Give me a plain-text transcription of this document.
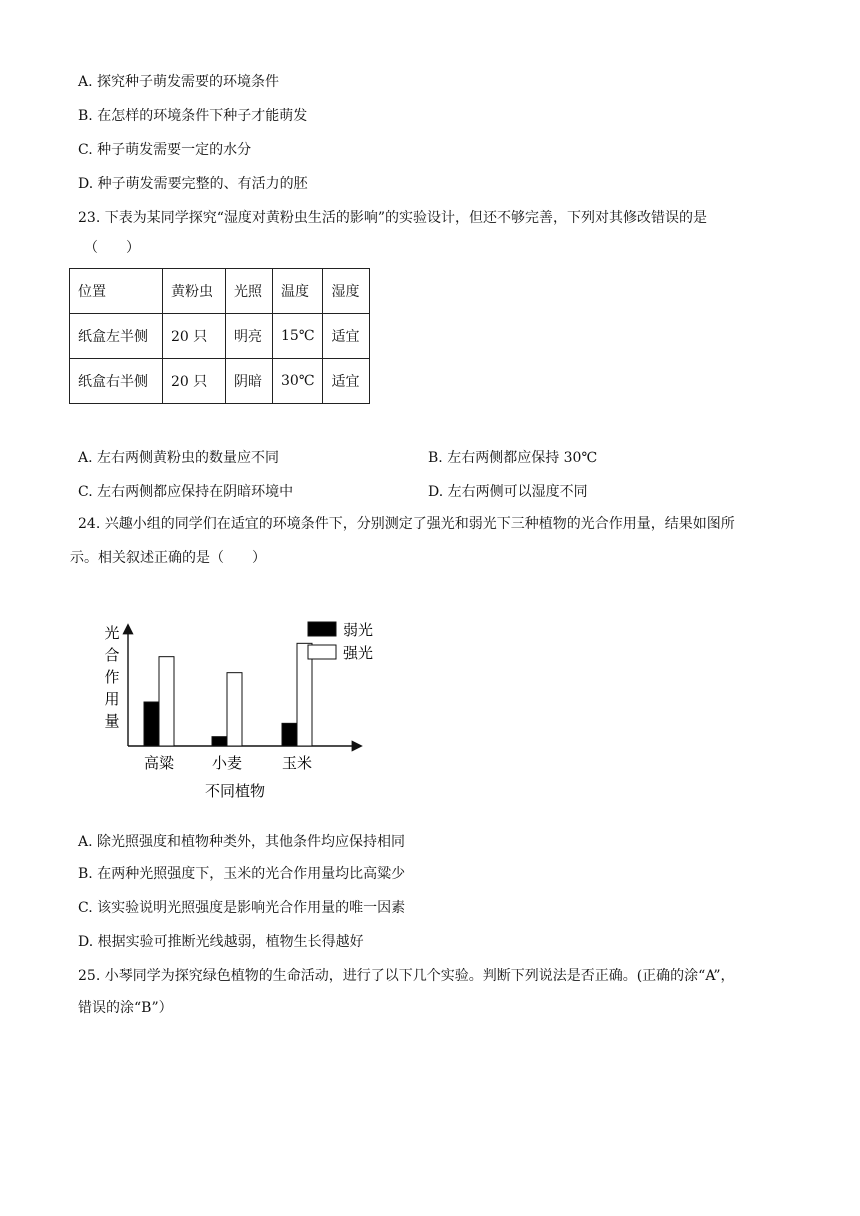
A. 探究种子萌发需要的环境条件
B. 在怎样的环境条件下种子才能萌发
C. 种子萌发需要一定的水分
D. 种子萌发需要完整的、有活力的胚
23. 下表为某同学探究“湿度对黄粉虫生活的影响”的实验设计，但还不够完善，下列对其修改错误的是
（　　）
位置	黄粉虫	光照	温度	湿度
纸盒左半侧	20 只	明亮	15℃	适宜
纸盒右半侧	20 只	阴暗	30℃	适宜
A. 左右两侧黄粉虫的数量应不同	B. 左右两侧都应保持 30℃
C. 左右两侧都应保持在阴暗环境中	D. 左右两侧可以湿度不同
24. 兴趣小组的同学们在适宜的环境条件下，分别测定了强光和弱光下三种植物的光合作用量，结果如图所
示。相关叙述正确的是（　　）
光合作用量
高粱	小麦	玉米
不同植物
弱光
强光
A. 除光照强度和植物种类外，其他条件均应保持相同
B. 在两种光照强度下，玉米的光合作用量均比高粱少
C. 该实验说明光照强度是影响光合作用量的唯一因素
D. 根据实验可推断光线越弱，植物生长得越好
25. 小琴同学为探究绿色植物的生命活动，进行了以下几个实验。判断下列说法是否正确。(正确的涂“A”，
错误的涂“B”）
